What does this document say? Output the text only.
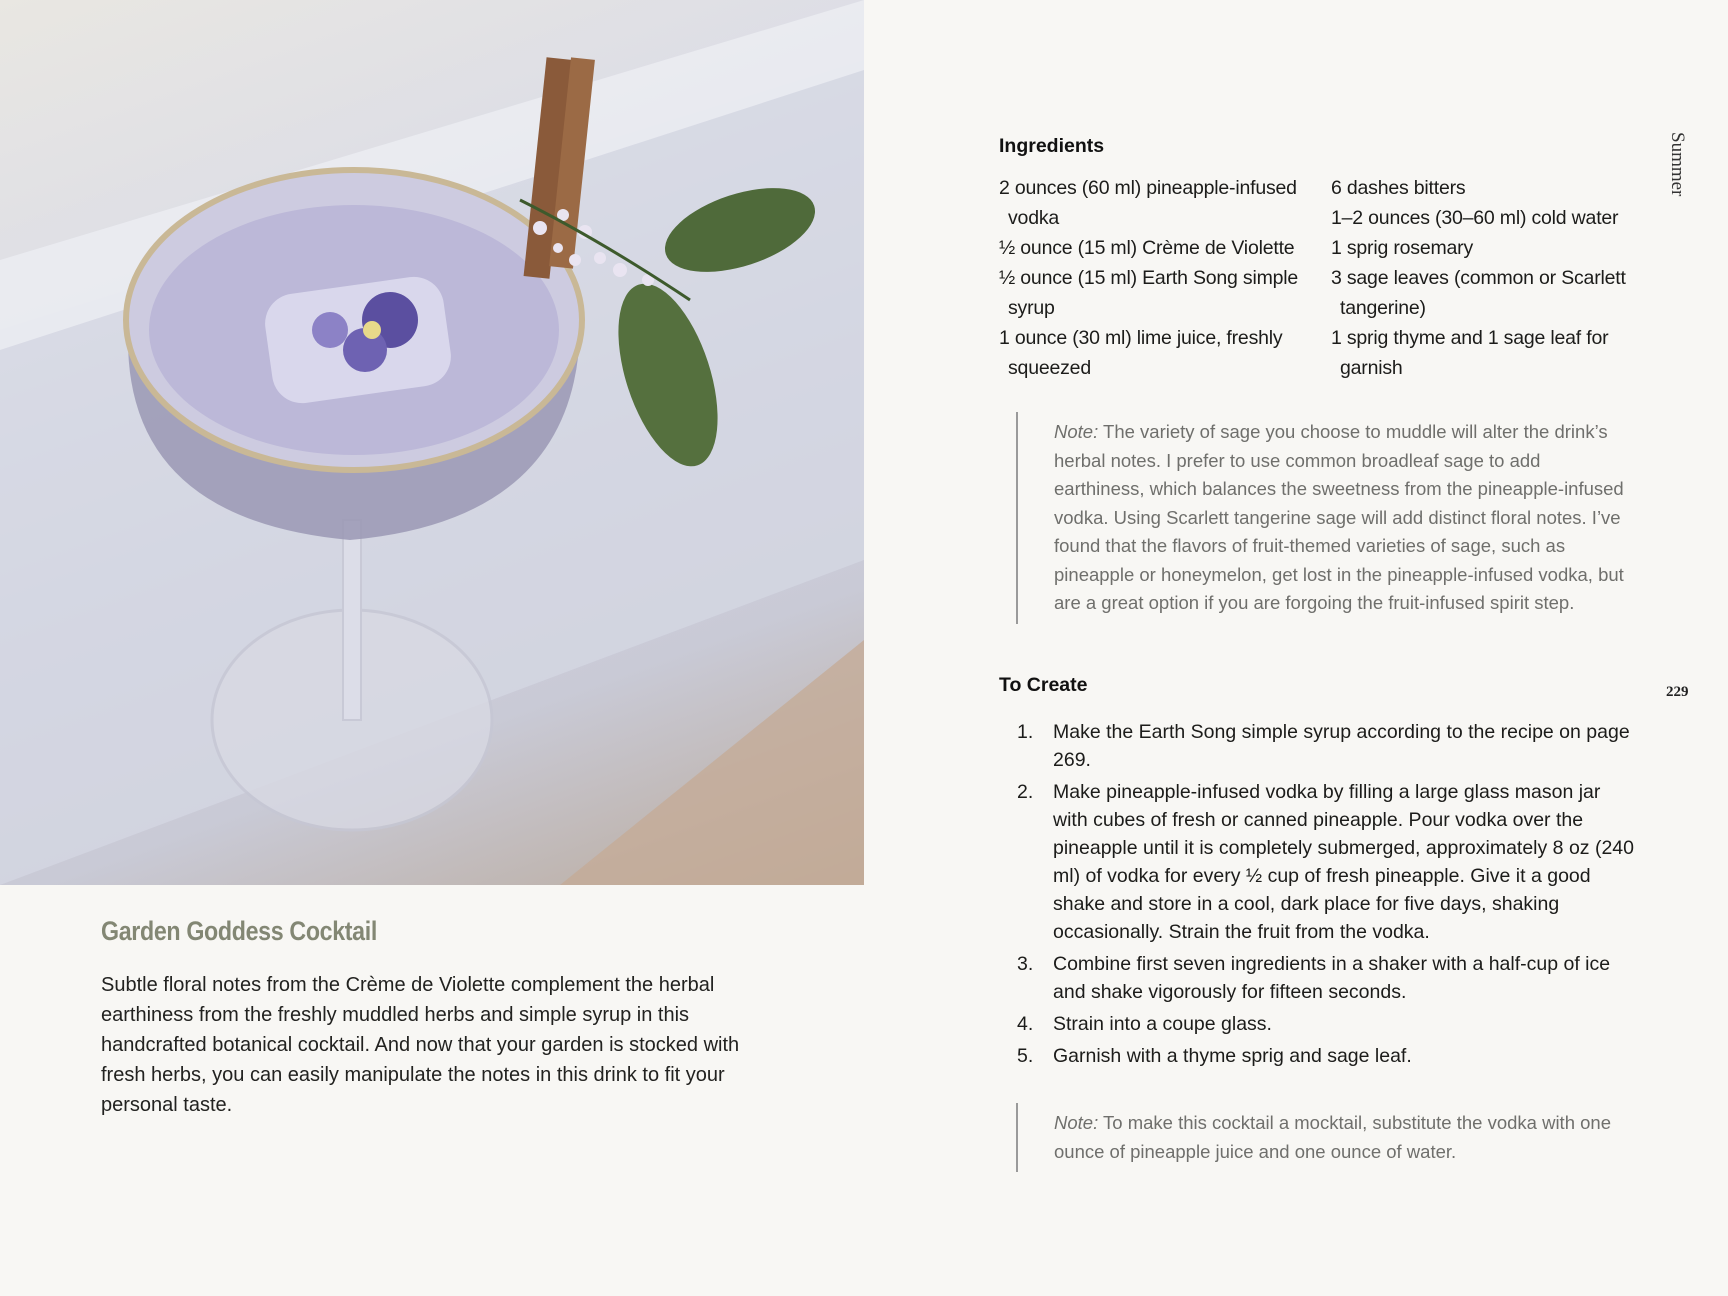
Garden Goddess Cocktail

Subtle floral notes from the Crème de Violette complement the herbal earthiness from the freshly muddled herbs and simple syrup in this handcrafted botanical cocktail. And now that your garden is stocked with fresh herbs, you can easily manipulate the notes in this drink to fit your personal taste.

Summer
229
Ingredients
2 ounces (60 ml) pineapple-infused vodka
½ ounce (15 ml) Crème de Violette
½ ounce (15 ml) Earth Song simple syrup
1 ounce (30 ml) lime juice, freshly squeezed
6 dashes bitters
1–2 ounces (30–60 ml) cold water
1 sprig rosemary
3 sage leaves (common or Scarlett tangerine)
1 sprig thyme and 1 sage leaf for garnish

Note: The variety of sage you choose to muddle will alter the drink’s herbal notes. I prefer to use common broadleaf sage to add earthiness, which balances the sweetness from the pineapple-infused vodka. Using Scarlett tangerine sage will add distinct floral notes. I’ve found that the flavors of fruit-themed varieties of sage, such as pineapple or honeymelon, get lost in the pineapple-infused vodka, but are a great option if you are forgoing the fruit-infused spirit step.

To Create
1. Make the Earth Song simple syrup according to the recipe on page 269.
2. Make pineapple-infused vodka by filling a large glass mason jar with cubes of fresh or canned pineapple. Pour vodka over the pineapple until it is completely submerged, approximately 8 oz (240 ml) of vodka for every ½ cup of fresh pineapple. Give it a good shake and store in a cool, dark place for five days, shaking occasionally. Strain the fruit from the vodka.
3. Combine first seven ingredients in a shaker with a half-cup of ice and shake vigorously for fifteen seconds.
4. Strain into a coupe glass.
5. Garnish with a thyme sprig and sage leaf.

Note: To make this cocktail a mocktail, substitute the vodka with one ounce of pineapple juice and one ounce of water.
